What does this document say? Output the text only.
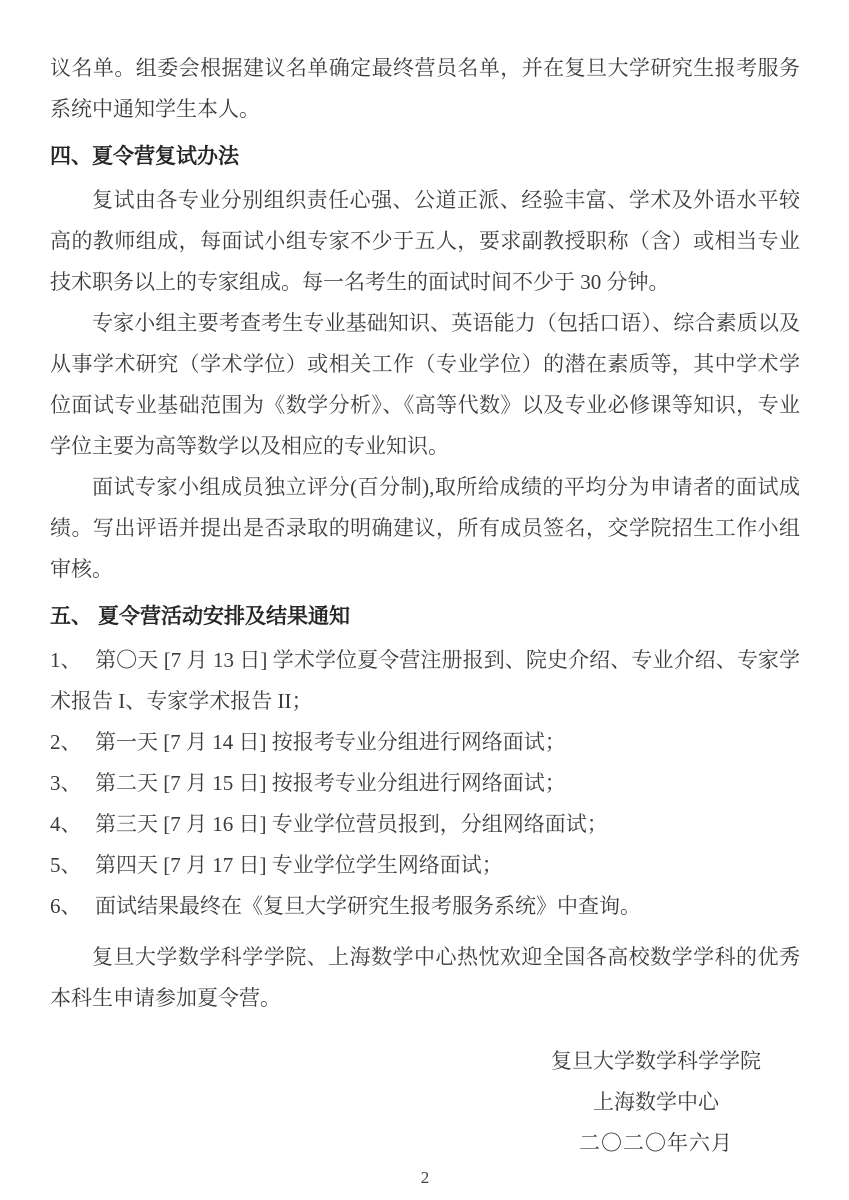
议名单。组委会根据建议名单确定最终营员名单，并在复旦大学研究生报考服务系统中通知学生本人。

四、夏令营复试办法

复试由各专业分别组织责任心强、公道正派、经验丰富、学术及外语水平较高的教师组成，每面试小组专家不少于五人，要求副教授职称（含）或相当专业技术职务以上的专家组成。每一名考生的面试时间不少于 30 分钟。

专家小组主要考查考生专业基础知识、英语能力（包括口语）、综合素质以及从事学术研究（学术学位）或相关工作（专业学位）的潜在素质等，其中学术学位面试专业基础范围为《数学分析》、《高等代数》以及专业必修课等知识，专业学位主要为高等数学以及相应的专业知识。

面试专家小组成员独立评分(百分制),取所给成绩的平均分为申请者的面试成绩。写出评语并提出是否录取的明确建议，所有成员签名，交学院招生工作小组审核。

五、 夏令营活动安排及结果通知

1、 第〇天 [7 月 13 日] 学术学位夏令营注册报到、院史介绍、专业介绍、专家学术报告 I、专家学术报告 II；

2、 第一天 [7 月 14 日] 按报考专业分组进行网络面试；

3、 第二天 [7 月 15 日] 按报考专业分组进行网络面试；

4、 第三天 [7 月 16 日] 专业学位营员报到，分组网络面试；

5、 第四天 [7 月 17 日] 专业学位学生网络面试；

6、 面试结果最终在《复旦大学研究生报考服务系统》中查询。

复旦大学数学科学学院、上海数学中心热忱欢迎全国各高校数学学科的优秀本科生申请参加夏令营。

复旦大学数学科学学院
上海数学中心
二〇二〇年六月
2
